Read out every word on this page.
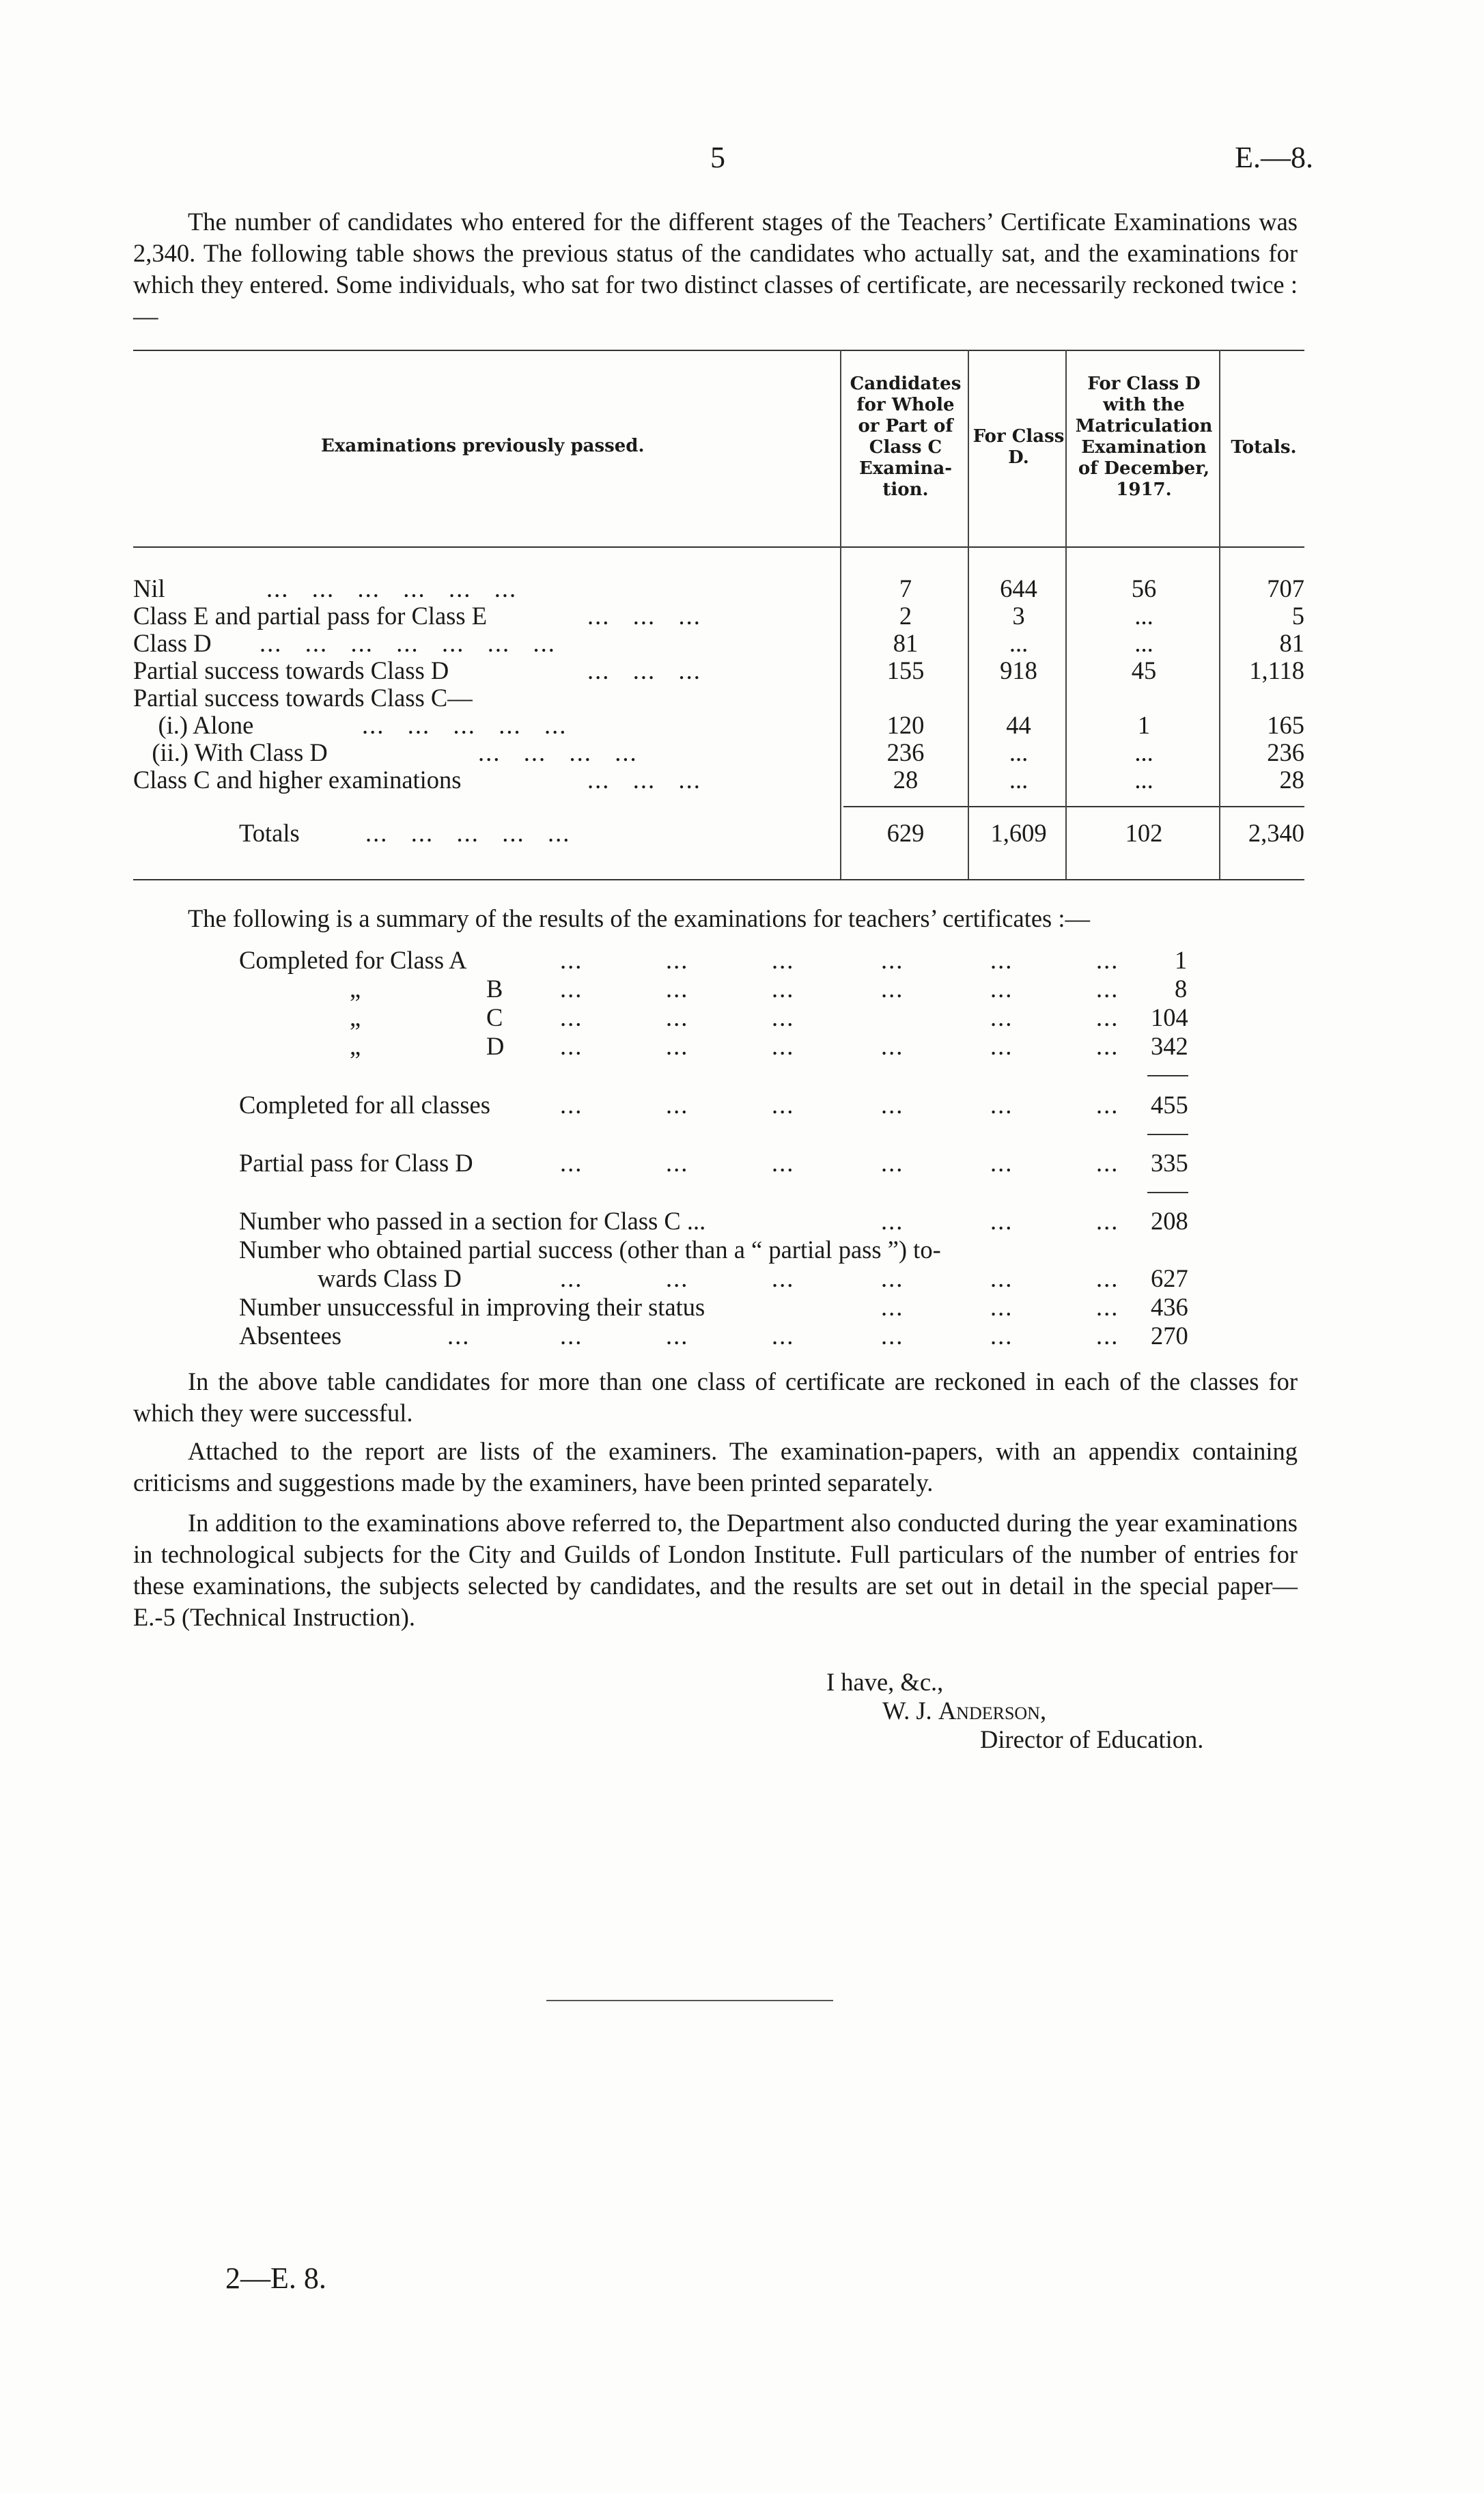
5	E.—8.
The number of candidates who entered for the different stages of the Teachers’ Certificate Examinations was 2,340. The following table shows the previous status of the candidates who actually sat, and the examinations for which they entered. Some individuals, who sat for two distinct classes of certificate, are necessarily reckoned twice :—
Examinations previously passed.
Candidates for Whole or Part of Class C Examina-tion.
For Class D.
For Class D with the Matriculation Examination of December, 1917.
Totals.
Nil	...   ...   ...   ...   ...   ...	7	644	56	707
Class E and partial pass for Class E	...   ...   ...	2	3	...	5
Class D ...   ...   ...   ...   ...   ...   ...	81	...	...	81
Partial success towards Class D	...   ...   ...	155	918	45	1,118
Partial success towards Class C—
(i.) Alone	...   ...   ...   ...   ...	120	44	1	165
(ii.) With Class D	...   ...   ...   ...	236	...	...	236
Class C and higher examinations	...   ...   ...	28	...	...	28
Totals	...   ...   ...   ...   ...	629	1,609	102	2,340
The following is a summary of the results of the examinations for teachers’ certificates :—
Completed for Class A	...	...	...	...	...	... 1
„	B ...	...	...	...	...	... 8
„	C ...	...	...	...	... 104
„	D ...	...	...	...	...	... 342
Completed for all classes	...	...	...	...	...	... 455
Partial pass for Class D	...	...	...	...	...	... 335
Number who passed in a section for Class C ...	...	...	... 208
Number who obtained partial success (other than a “ partial pass ”) to-
wards Class D	...	...	...	...	...	... 627
Number unsuccessful in improving their status	...	...	... 436
Absentees	...	...	...	...	...	...	... 270
In the above table candidates for more than one class of certificate are reckoned in each of the classes for which they were successful.
Attached to the report are lists of the examiners. The examination-papers, with an appendix containing criticisms and suggestions made by the examiners, have been printed separately.
In addition to the examinations above referred to, the Department also conducted during the year examinations in technological subjects for the City and Guilds of London Institute. Full particulars of the number of entries for these examinations, the subjects selected by candidates, and the results are set out in detail in the special paper—E.-5 (Technical Instruction).
I have, &c.,
W. J. Anderson,
Director of Education.
2—E. 8.
